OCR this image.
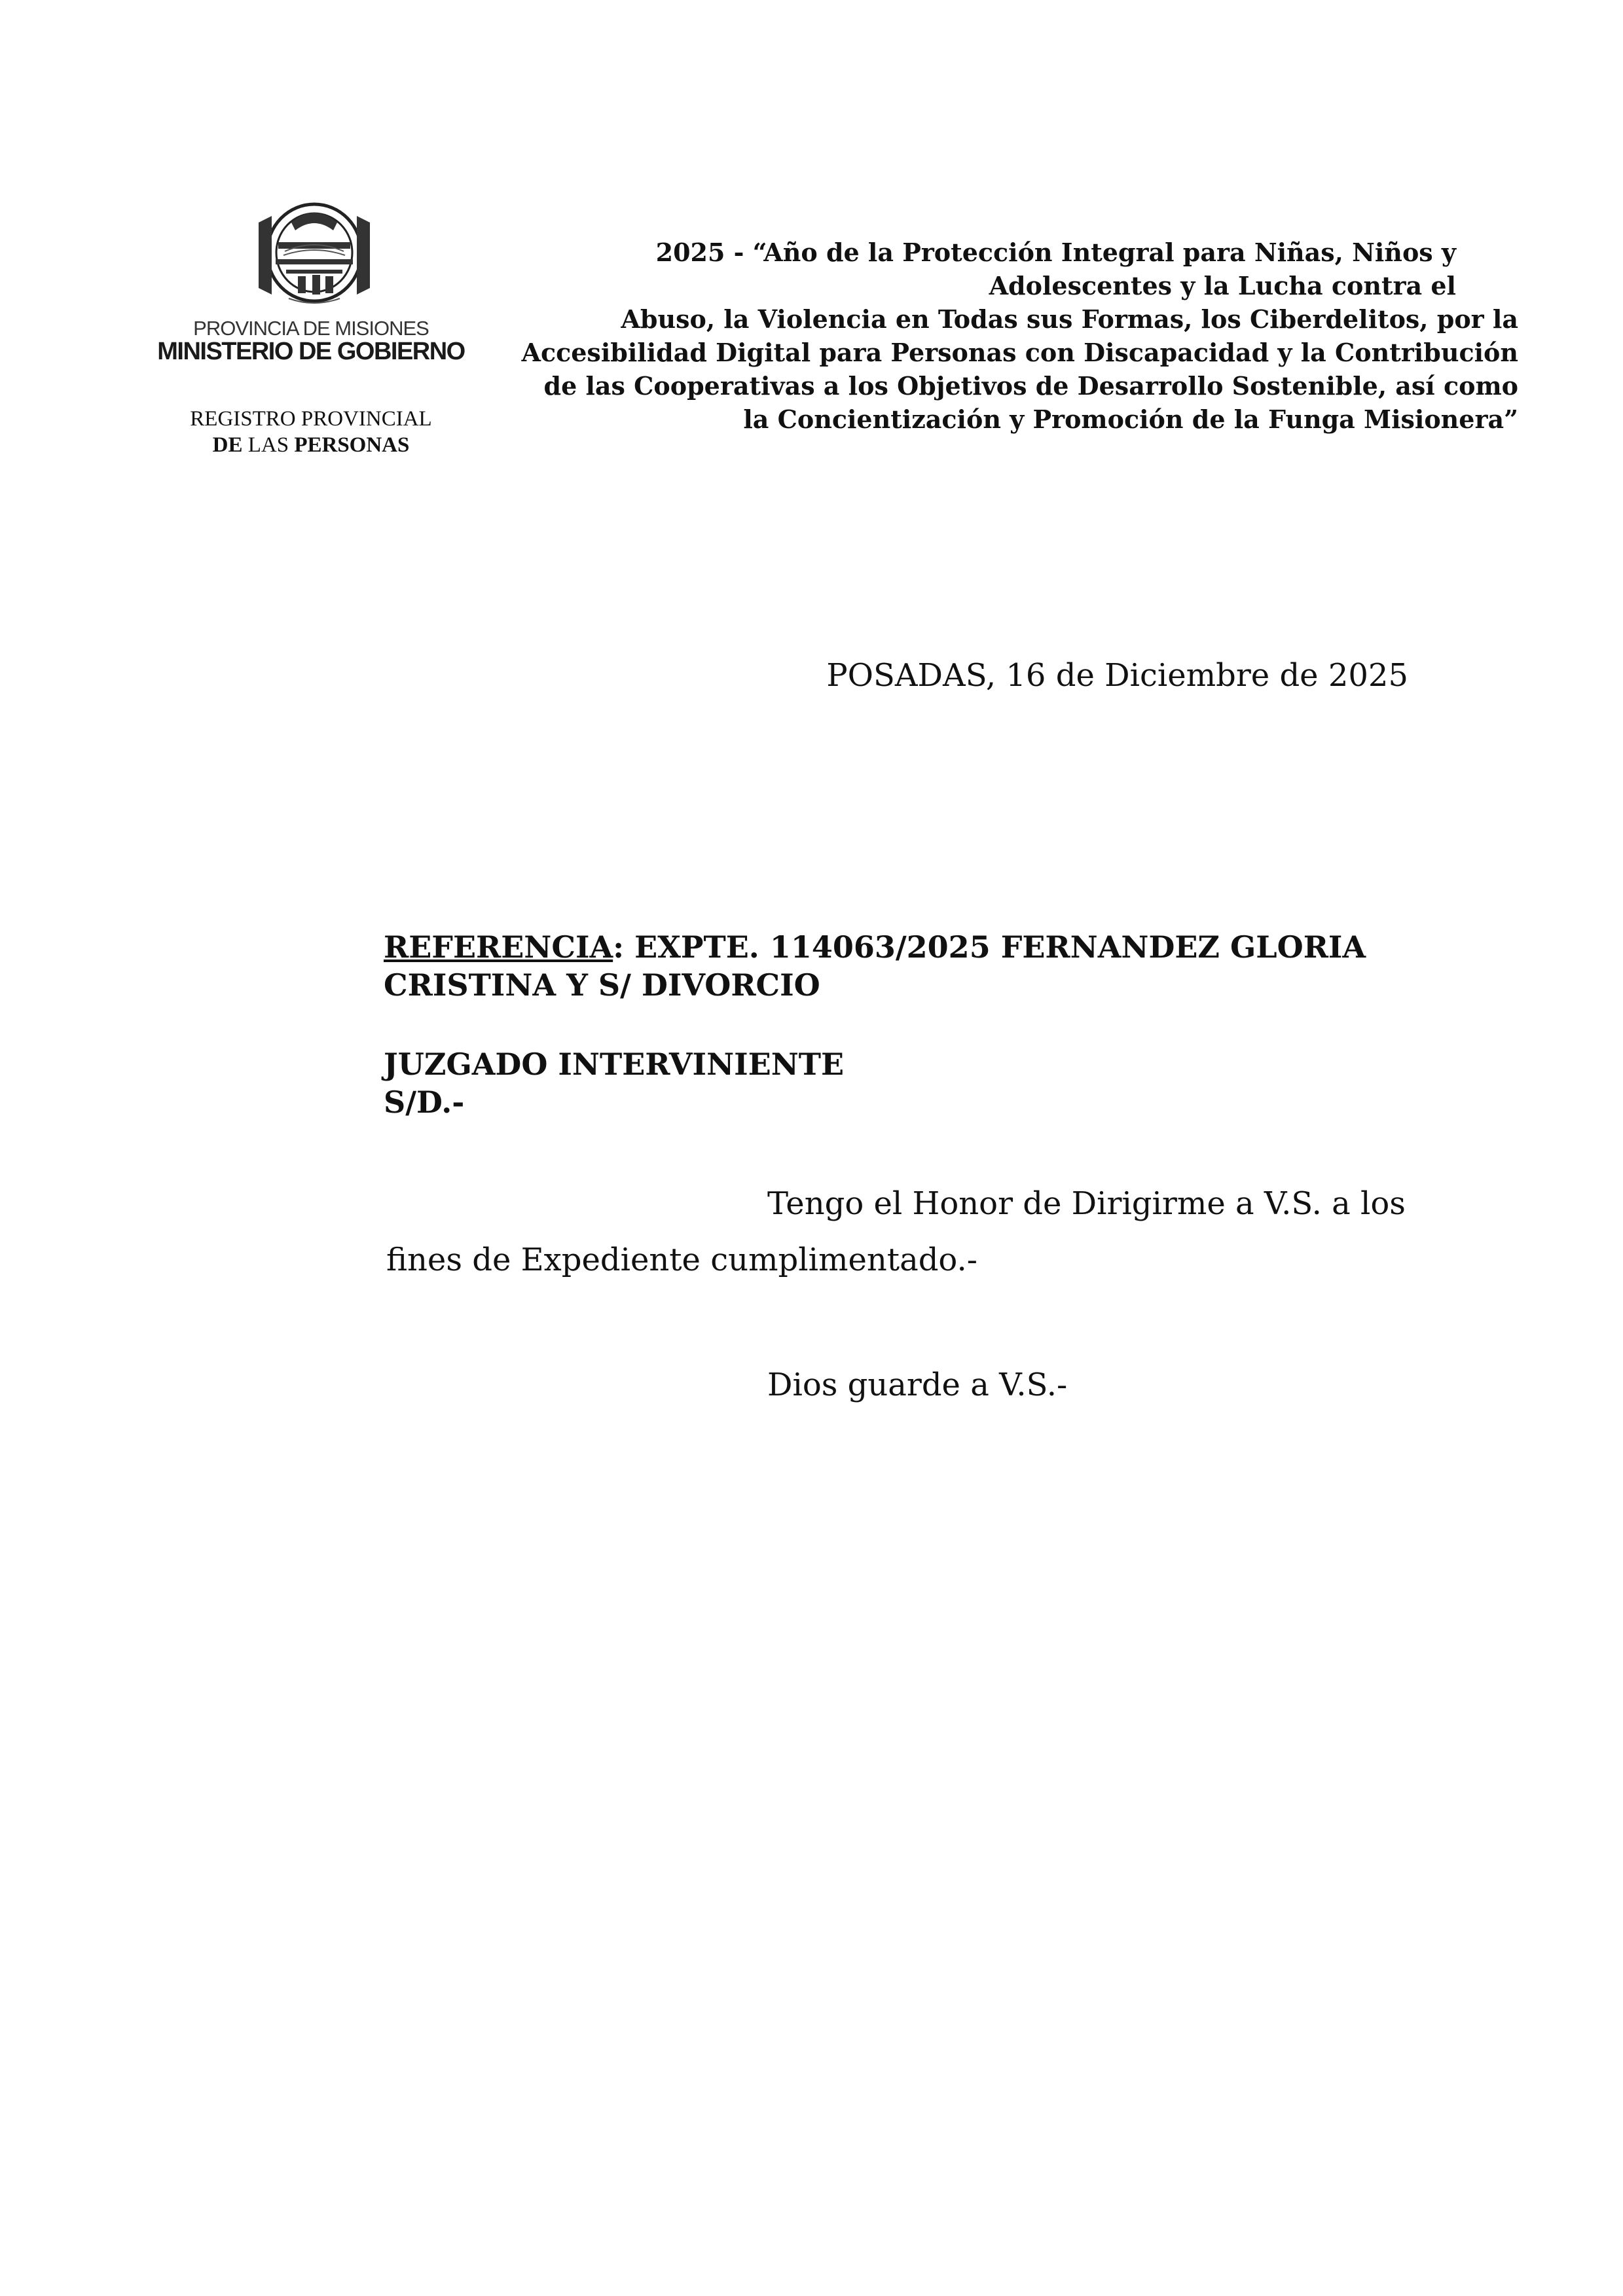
PROVINCIA DE MISIONES
MINISTERIO DE GOBIERNO
REGISTRO PROVINCIAL
DE LAS PERSONAS
2025 - “Año de la Protección Integral para Niñas, Niños y
Adolescentes y la Lucha contra el
Abuso, la Violencia en Todas sus Formas, los Ciberdelitos, por la
Accesibilidad Digital para Personas con Discapacidad y la Contribución
de las Cooperativas a los Objetivos de Desarrollo Sostenible, así como
la Concientización y Promoción de la Funga Misionera”
POSADAS, 16 de Diciembre de 2025
REFERENCIA: EXPTE. 114063/2025 FERNANDEZ GLORIA CRISTINA Y S/ DIVORCIO
JUZGADO INTERVINIENTE
S/D.-
Tengo el Honor de Dirigirme a V.S. a los
fines de Expediente cumplimentado.-
Dios guarde a V.S.-
